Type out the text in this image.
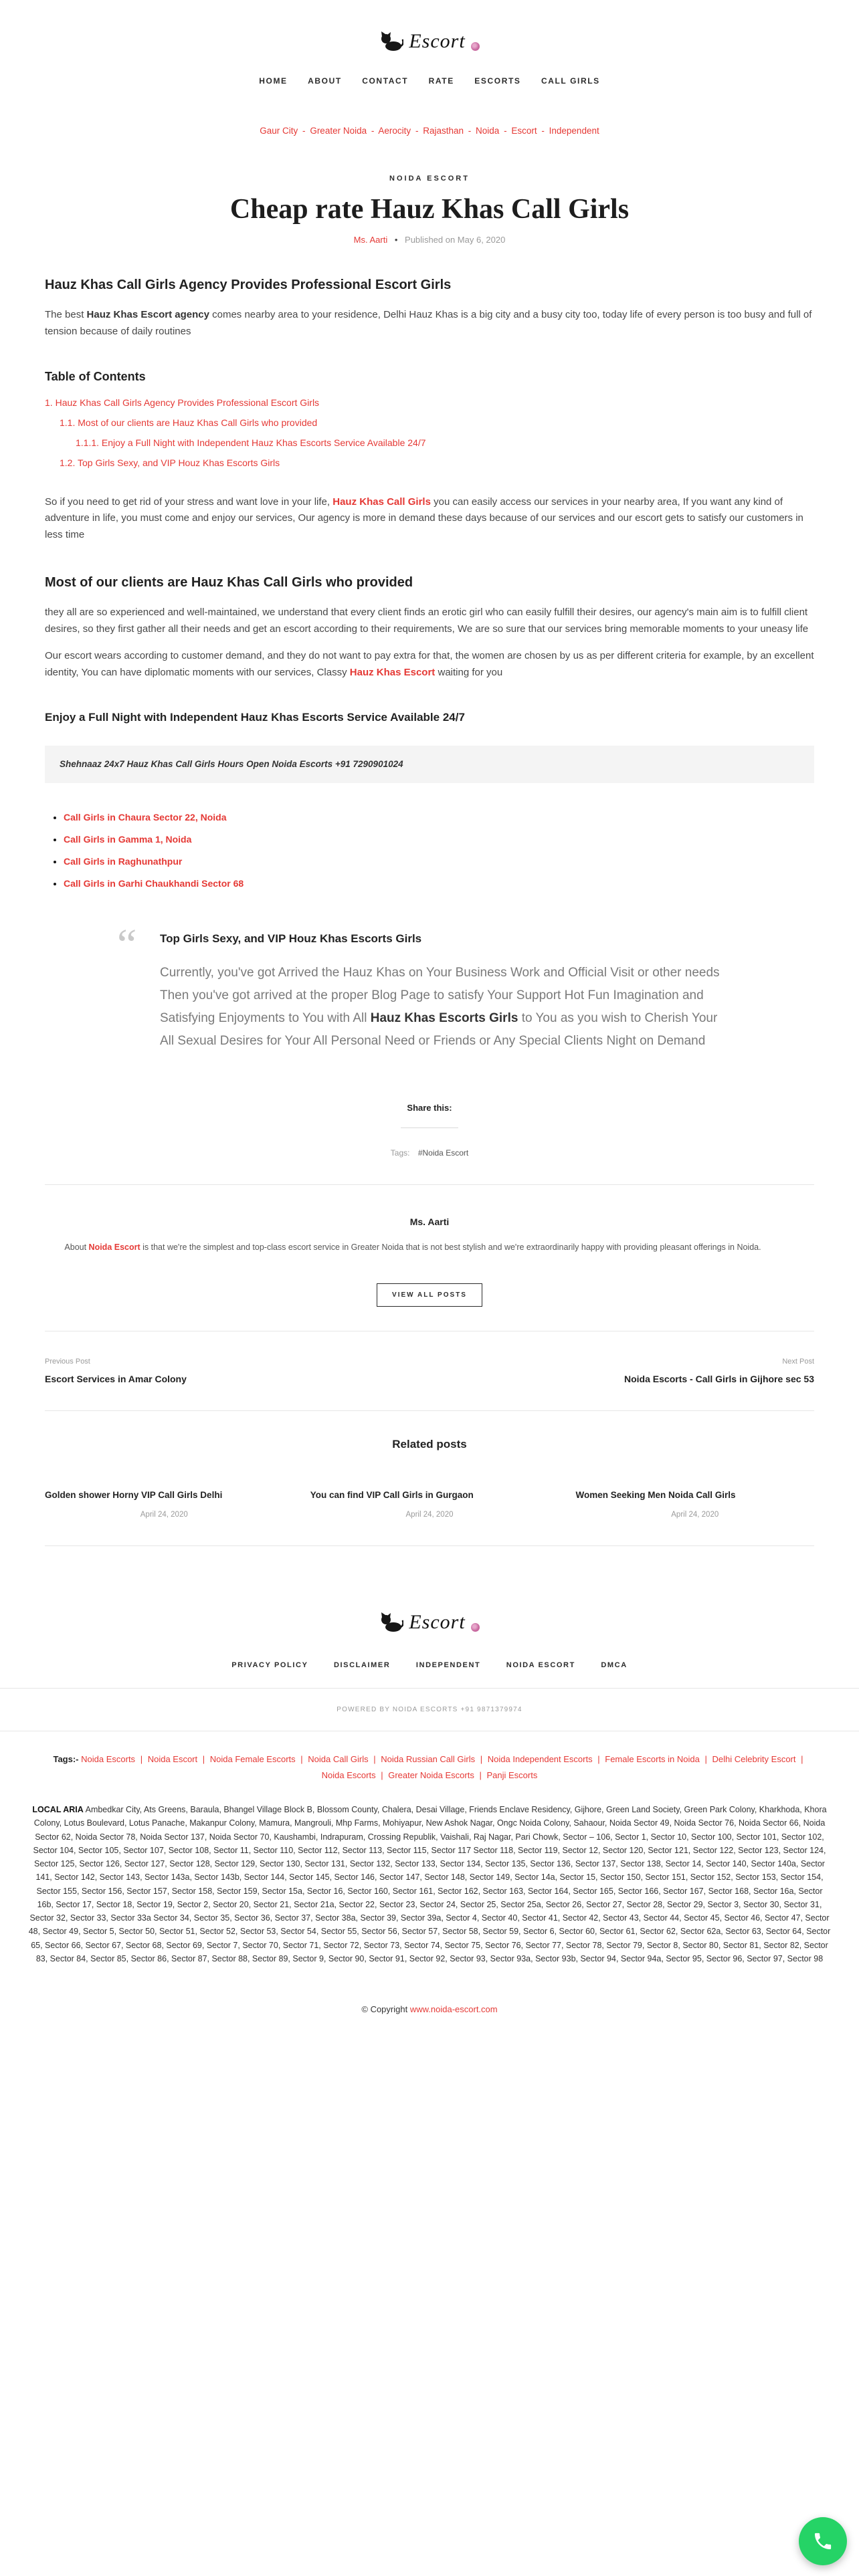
Escort
HOME	ABOUT	CONTACT	RATE	ESCORTS	CALL GIRLS
Gaur City - Greater Noida - Aerocity - Rajasthan - Noida - Escort - Independent
NOIDA ESCORT
Cheap rate Hauz Khas Call Girls
Ms. Aarti • Published on May 6, 2020
Hauz Khas Call Girls Agency Provides Professional Escort Girls

The best Hauz Khas Escort agency comes nearby area to your residence, Delhi Hauz Khas is a big city and a busy city too, today life of every person is too busy and full of tension because of daily routines

Table of Contents
1. Hauz Khas Call Girls Agency Provides Professional Escort Girls
1.1. Most of our clients are Hauz Khas Call Girls who provided
1.1.1. Enjoy a Full Night with Independent Hauz Khas Escorts Service Available 24/7
1.2. Top Girls Sexy, and VIP Houz Khas Escorts Girls

So if you need to get rid of your stress and want love in your life, Hauz Khas Call Girls you can easily access our services in your nearby area, If you want any kind of adventure in life, you must come and enjoy our services, Our agency is more in demand these days because of our services and our escort gets to satisfy our customers in less time

Most of our clients are Hauz Khas Call Girls who provided

they all are so experienced and well-maintained, we understand that every client finds an erotic girl who can easily fulfill their desires, our agency's main aim is to fulfill client desires, so they first gather all their needs and get an escort according to their requirements, We are so sure that our services bring memorable moments to your uneasy life

Our escort wears according to customer demand, and they do not want to pay extra for that, the women are chosen by us as per different criteria for example, by an excellent identity, You can have diplomatic moments with our services, Classy Hauz Khas Escort waiting for you

Enjoy a Full Night with Independent Hauz Khas Escorts Service Available 24/7
Shehnaaz 24x7 Hauz Khas Call Girls Hours Open Noida Escorts +91 7290901024
• Call Girls in Chaura Sector 22, Noida
• Call Girls in Gamma 1, Noida
• Call Girls in Raghunathpur
• Call Girls in Garhi Chaukhandi Sector 68
“ Top Girls Sexy, and VIP Houz Khas Escorts Girls

Currently, you've got Arrived the Hauz Khas on Your Business Work and Official Visit or other needs Then you've got arrived at the proper Blog Page to satisfy Your Support Hot Fun Imagination and Satisfying Enjoyments to You with All Hauz Khas Escorts Girls to You as you wish to Cherish Your All Sexual Desires for Your All Personal Need or Friends or Any Special Clients Night on Demand

Share this:
Tags: #Noida Escort
Ms. Aarti

About Noida Escort is that we're the simplest and top-class escort service in Greater Noida that is not best stylish and we're extraordinarily happy with providing pleasant offerings in Noida.

VIEW ALL POSTS
Previous Post
Escort Services in Amar Colony
Next Post
Noida Escorts - Call Girls in Gijhore sec 53
Related posts
Golden shower Horny VIP Call Girls Delhi
April 24, 2020
You can find VIP Call Girls in Gurgaon
April 24, 2020
Women Seeking Men Noida Call Girls
April 24, 2020
Escort
PRIVACY POLICY	DISCLAIMER	INDEPENDENT	NOIDA ESCORT	DMCA
POWERED BY NOIDA ESCORTS +91 9871379974

Tags:- Noida Escorts | Noida Escort | Noida Female Escorts | Noida Call Girls | Noida Russian Call Girls | Noida Independent Escorts | Female Escorts in Noida | Delhi Celebrity Escort | Noida Escorts | Greater Noida Escorts | Panji Escorts

LOCAL ARIA Ambedkar City, Ats Greens, Baraula, Bhangel Village Block B, Blossom County, Chalera, Desai Village, Friends Enclave Residency, Gijhore, Green Land Society, Green Park Colony, Kharkhoda, Khora Colony, Lotus Boulevard, Lotus Panache, Makanpur Colony, Mamura, Mangrouli, Mhp Farms, Mohiyapur, New Ashok Nagar, Ongc Noida Colony, Sahaour, Noida Sector 49, Noida Sector 76, Noida Sector 66, Noida Sector 62, Noida Sector 78, Noida Sector 137, Noida Sector 70, Kaushambi, Indrapuram, Crossing Republik, Vaishali, Raj Nagar, Pari Chowk, Sector – 106, Sector 1, Sector 10, Sector 100, Sector 101, Sector 102, Sector 104, Sector 105, Sector 107, Sector 108, Sector 11, Sector 110, Sector 112, Sector 113, Sector 115, Sector 117 Sector 118, Sector 119, Sector 12, Sector 120, Sector 121, Sector 122, Sector 123, Sector 124, Sector 125, Sector 126, Sector 127, Sector 128, Sector 129, Sector 130, Sector 131, Sector 132, Sector 133, Sector 134, Sector 135, Sector 136, Sector 137, Sector 138, Sector 14, Sector 140, Sector 140a, Sector 141, Sector 142, Sector 143, Sector 143a, Sector 143b, Sector 144, Sector 145, Sector 146, Sector 147, Sector 148, Sector 149, Sector 14a, Sector 15, Sector 150, Sector 151, Sector 152, Sector 153, Sector 154, Sector 155, Sector 156, Sector 157, Sector 158, Sector 159, Sector 15a, Sector 16, Sector 160, Sector 161, Sector 162, Sector 163, Sector 164, Sector 165, Sector 166, Sector 167, Sector 168, Sector 16a, Sector 16b, Sector 17, Sector 18, Sector 19, Sector 2, Sector 20, Sector 21, Sector 21a, Sector 22, Sector 23, Sector 24, Sector 25, Sector 25a, Sector 26, Sector 27, Sector 28, Sector 29, Sector 3, Sector 30, Sector 31, Sector 32, Sector 33, Sector 33a Sector 34, Sector 35, Sector 36, Sector 37, Sector 38a, Sector 39, Sector 39a, Sector 4, Sector 40, Sector 41, Sector 42, Sector 43, Sector 44, Sector 45, Sector 46, Sector 47, Sector 48, Sector 49, Sector 5, Sector 50, Sector 51, Sector 52, Sector 53, Sector 54, Sector 55, Sector 56, Sector 57, Sector 58, Sector 59, Sector 6, Sector 60, Sector 61, Sector 62, Sector 62a, Sector 63, Sector 64, Sector 65, Sector 66, Sector 67, Sector 68, Sector 69, Sector 7, Sector 70, Sector 71, Sector 72, Sector 73, Sector 74, Sector 75, Sector 76, Sector 77, Sector 78, Sector 79, Sector 8, Sector 80, Sector 81, Sector 82, Sector 83, Sector 84, Sector 85, Sector 86, Sector 87, Sector 88, Sector 89, Sector 9, Sector 90, Sector 91, Sector 92, Sector 93, Sector 93a, Sector 93b, Sector 94, Sector 94a, Sector 95, Sector 96, Sector 97, Sector 98

© Copyright www.noida-escort.com
